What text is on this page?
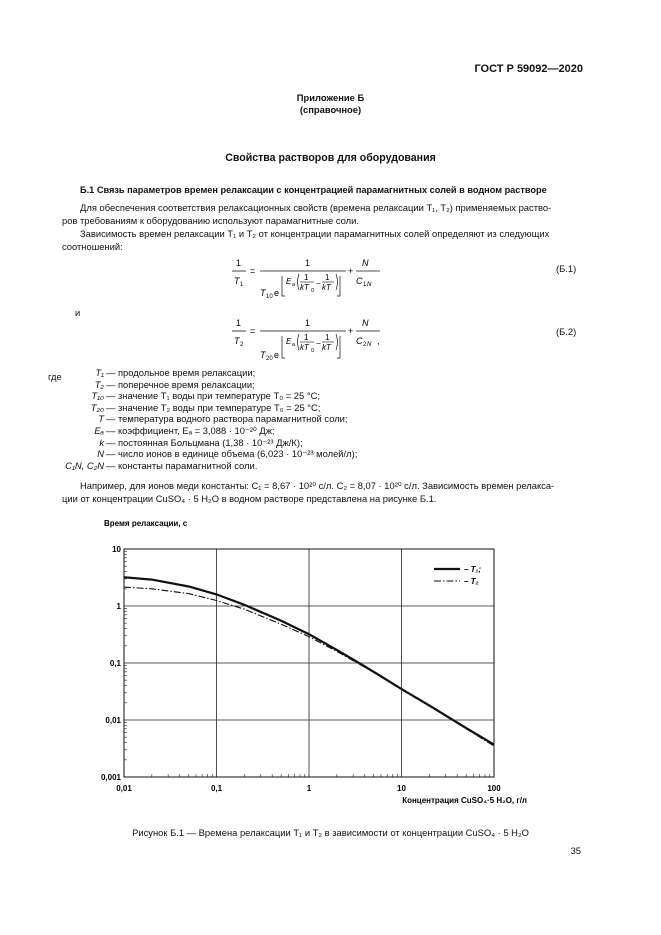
ГОСТ Р 59092—2020
Приложение Б
(справочное)
Свойства растворов для оборудования
Б.1 Связь параметров времен релаксации с концентрацией парамагнитных солей в водном растворе
Для обеспечения соответствия релаксационных свойств (времена релаксации T₁, T₂) применяемых раство-
ров требованиям к оборудованию используют парамагнитные соли.
Зависимость времен релаксации T₁ и T₂ от концентрации парамагнитных солей определяют из следующих
соотношений:
1
T 1
=
1
T 10 e
E a
1
kT 0
−
1
kT
+
N
C 1 N
(Б.1)
и
1
T 2
=
1
T 20 e
E a
1
kT 0
−
1
kT
+
N
C 2 N ,
(Б.2)
где	T₁ — продольное время релаксации;
T₂ — поперечное время релаксации;
T₁₀ — значение T₁ воды при температуре T₀ = 25 °С;
T₂₀ — значение T₂ воды при температуре T₀ = 25 °С;
T — температура водного раствора парамагнитной соли;
Eₐ — коэффициент, Eₐ = 3,088 · 10⁻²⁰ Дж;
k — постоянная Больцмана (1,38 · 10⁻²³ Дж/К);
N — число ионов в единице объема (6,023 · 10⁻²³ молей/л);
C₁N, C₂N — константы парамагнитной соли.
Например, для ионов меди константы: C₁ = 8,67 · 10²⁰ с/л. C₂ = 8,07 · 10²⁰ с/л. Зависимость времен релакса-
ции от концентрации CuSO₄ · 5 H₂O в водном растворе представлена на рисунке Б.1.
0,01	0,1	1	10	100
10
1
0,1
0,01
0,001
Время релаксации, с
Концентрация CuSO₄·5 H₂O, г/л
– T₁;
– T₂
Рисунок Б.1 — Времена релаксации T₁ и T₂ в зависимости от концентрации CuSO₄ · 5 H₂O
35
